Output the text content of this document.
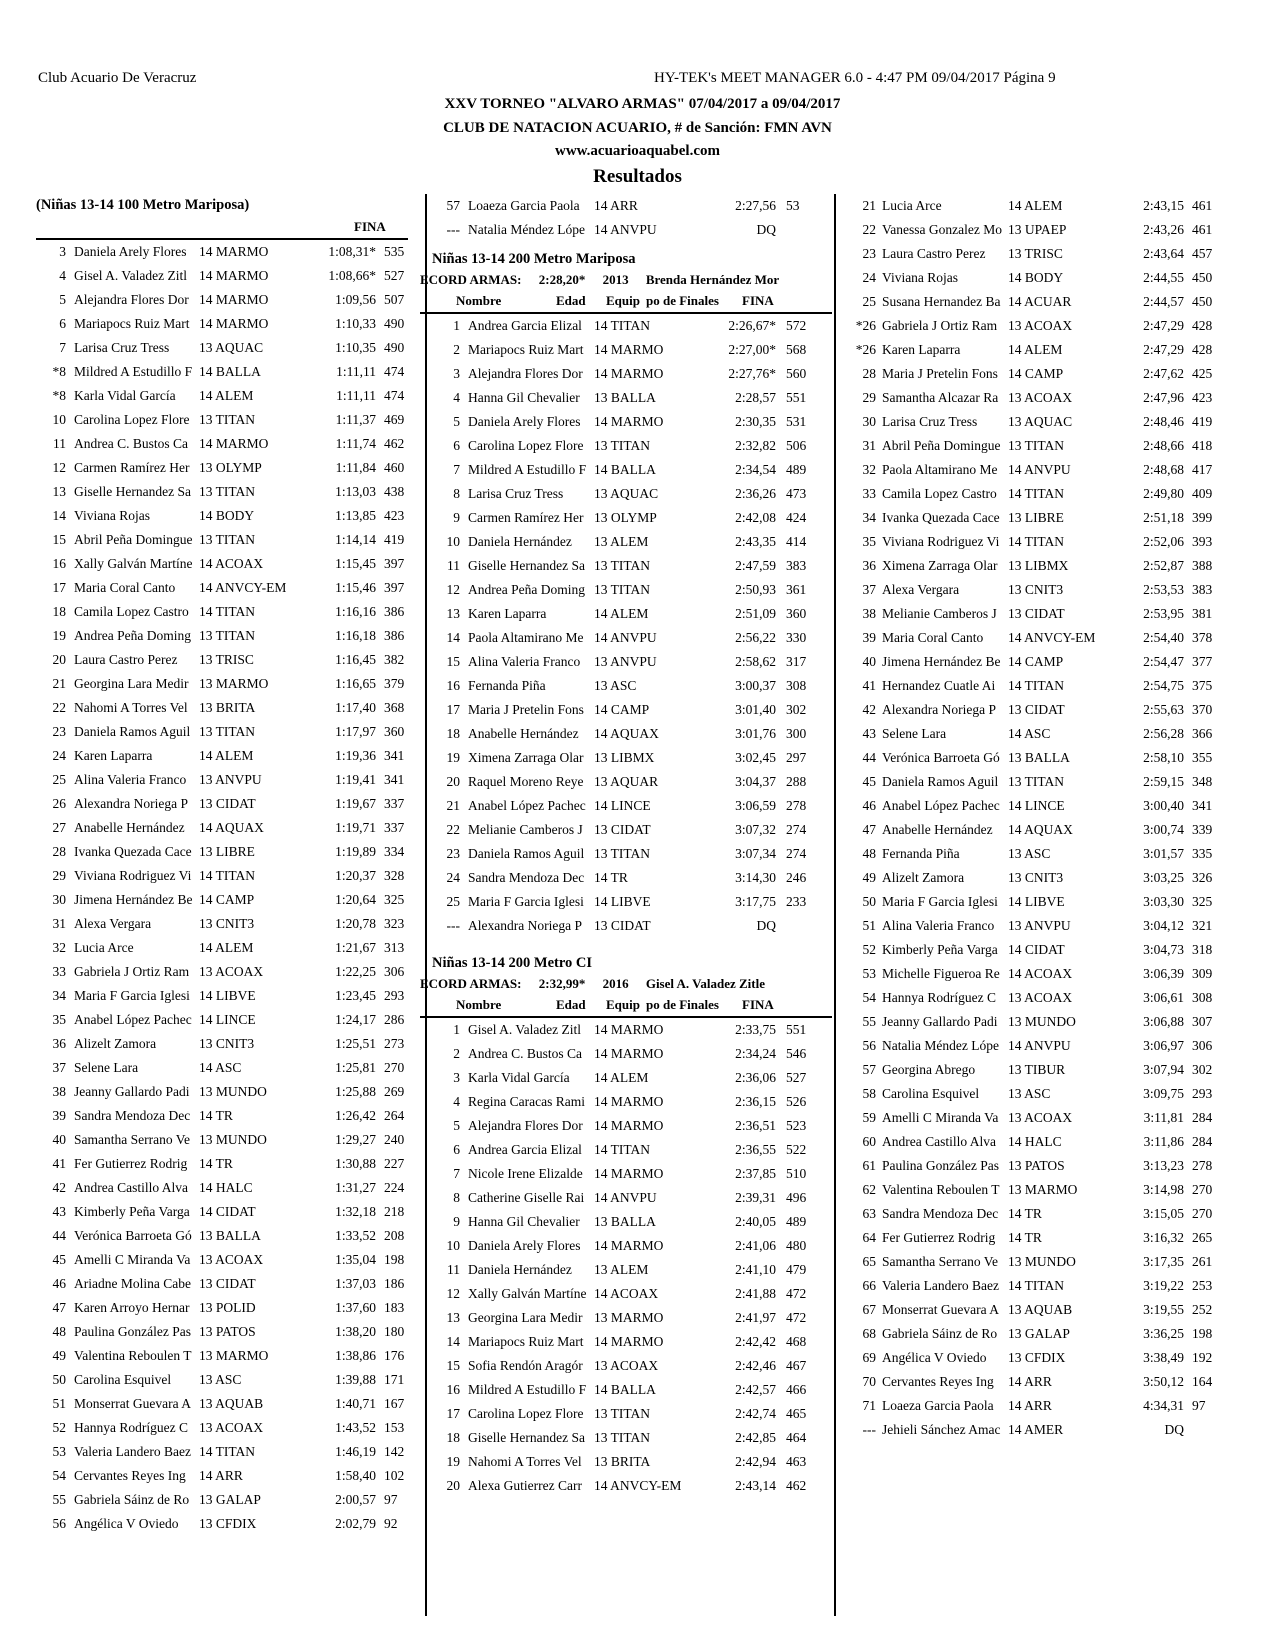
Club Acuario De Veracruz	HY-TEK's MEET MANAGER 6.0 - 4:47 PM 09/04/2017 Página 9
XXV TORNEO "ALVARO ARMAS" 07/04/2017 a 09/04/2017
CLUB DE NATACION ACUARIO, # de Sanción: FMN AVN
www.acuarioaquabel.com
Resultados
(Niñas 13-14 100 Metro Mariposa)
FINA
3 Daniela Arely Flores 14 MARMO	1:08,31* 535
4 Gisel A. Valadez Zitl 14 MARMO	1:08,66* 527
5 Alejandra Flores Dor 14 MARMO	1:09,56 507
6 Mariapocs Ruiz Mart 14 MARMO	1:10,33 490
7 Larisa Cruz Tress	13 AQUAC	1:10,35 490
*8 Mildred A Estudillo F 14 BALLA	1:11,11 474
*8 Karla Vidal García	14 ALEM	1:11,11 474
10 Carolina Lopez Flore 13 TITAN	1:11,37 469
11 Andrea C. Bustos Ca 14 MARMO	1:11,74 462
12 Carmen Ramírez Her 13 OLYMP	1:11,84 460
13 Giselle Hernandez Sa 13 TITAN	1:13,03 438
14 Viviana Rojas	14 BODY	1:13,85 423
15 Abril Peña Domingue 13 TITAN	1:14,14 419
16 Xally Galván Martíne 14 ACOAX	1:15,45 397
17 Maria Coral Canto	14 ANVCY-EM	1:15,46 397
18 Camila Lopez Castro 14 TITAN	1:16,16 386
19 Andrea Peña Doming 13 TITAN	1:16,18 386
20 Laura Castro Perez	13 TRISC	1:16,45 382
21 Georgina Lara Medir 13 MARMO	1:16,65 379
22 Nahomi A Torres Vel 13 BRITA	1:17,40 368
23 Daniela Ramos Aguil 13 TITAN	1:17,97 360
24 Karen Laparra	14 ALEM	1:19,36 341
25 Alina Valeria Franco 13 ANVPU	1:19,41 341
26 Alexandra Noriega P 13 CIDAT	1:19,67 337
27 Anabelle Hernández	14 AQUAX	1:19,71 337
28 Ivanka Quezada Cace 13 LIBRE	1:19,89 334
29 Viviana Rodriguez Vi 14 TITAN	1:20,37 328
30 Jimena Hernández Be 14 CAMP	1:20,64 325
31 Alexa Vergara	13 CNIT3	1:20,78 323
32 Lucia Arce	14 ALEM	1:21,67 313
33 Gabriela J Ortiz Ram 13 ACOAX	1:22,25 306
34 Maria F Garcia Iglesi 14 LIBVE	1:23,45 293
35 Anabel López Pachec 14 LINCE	1:24,17 286
36 Alizelt Zamora	13 CNIT3	1:25,51 273
37 Selene Lara	14 ASC	1:25,81 270
38 Jeanny Gallardo Padi 13 MUNDO	1:25,88 269
39 Sandra Mendoza Dec 14 TR	1:26,42 264
40 Samantha Serrano Ve 13 MUNDO	1:29,27 240
41 Fer Gutierrez Rodrig 14 TR	1:30,88 227
42 Andrea Castillo Alva 14 HALC	1:31,27 224
43 Kimberly Peña Varga 14 CIDAT	1:32,18 218
44 Verónica Barroeta Gó 13 BALLA	1:33,52 208
45 Amelli C Miranda Va 13 ACOAX	1:35,04 198
46 Ariadne Molina Cabe 13 CIDAT	1:37,03 186
47 Karen Arroyo Hernar 13 POLID	1:37,60 183
48 Paulina González Pas 13 PATOS	1:38,20 180
49 Valentina Reboulen T 13 MARMO	1:38,86 176
50 Carolina Esquivel	13 ASC	1:39,88 171
51 Monserrat Guevara A 13 AQUAB	1:40,71 167
52 Hannya Rodríguez C 13 ACOAX	1:43,52 153
53 Valeria Landero Baez 14 TITAN	1:46,19 142
54 Cervantes Reyes Ing 14 ARR	1:58,40 102
55 Gabriela Sáinz de Ro 13 GALAP	2:00,57 97
56 Angélica V Oviedo	13 CFDIX	2:02,79 92
57 Loaeza Garcia Paola	14 ARR	2:27,56 53
--- Natalia Méndez Lópe 14 ANVPU	DQ
Niñas 13-14 200 Metro Mariposa
ECORD ARMAS: 2:28,20* 2013 Brenda Hernández Mor
Nombre	Edad Equip po de Finales FINA
1 Andrea Garcia Elizal 14 TITAN	2:26,67* 572
2 Mariapocs Ruiz Mart 14 MARMO	2:27,00* 568
3 Alejandra Flores Dor 14 MARMO	2:27,76* 560
4 Hanna Gil Chevalier	13 BALLA	2:28,57 551
5 Daniela Arely Flores	14 MARMO	2:30,35 531
6 Carolina Lopez Flore 13 TITAN	2:32,82 506
7 Mildred A Estudillo F 14 BALLA	2:34,54 489
8 Larisa Cruz Tress	13 AQUAC	2:36,26 473
9 Carmen Ramírez Her 13 OLYMP	2:42,08 424
10 Daniela Hernández	13 ALEM	2:43,35 414
11 Giselle Hernandez Sa 13 TITAN	2:47,59 383
12 Andrea Peña Doming 13 TITAN	2:50,93 361
13 Karen Laparra	14 ALEM	2:51,09 360
14 Paola Altamirano Me 14 ANVPU	2:56,22 330
15 Alina Valeria Franco	13 ANVPU	2:58,62 317
16 Fernanda Piña	13 ASC	3:00,37 308
17 Maria J Pretelin Fons 14 CAMP	3:01,40 302
18 Anabelle Hernández	14 AQUAX	3:01,76 300
19 Ximena Zarraga Olar 13 LIBMX	3:02,45 297
20 Raquel Moreno Reye 13 AQUAR	3:04,37 288
21 Anabel López Pachec 14 LINCE	3:06,59 278
22 Melianie Camberos J 13 CIDAT	3:07,32 274
23 Daniela Ramos Aguil 13 TITAN	3:07,34 274
24 Sandra Mendoza Dec 14 TR	3:14,30 246
25 Maria F Garcia Iglesi 14 LIBVE	3:17,75 233
--- Alexandra Noriega P 13 CIDAT	DQ
Niñas 13-14 200 Metro CI
ECORD ARMAS: 2:32,99* 2016 Gisel A. Valadez Zitle
Nombre	Edad Equip po de Finales FINA
1 Gisel A. Valadez Zitl 14 MARMO	2:33,75 551
2 Andrea C. Bustos Ca 14 MARMO	2:34,24 546
3 Karla Vidal García	14 ALEM	2:36,06 527
4 Regina Caracas Rami 14 MARMO	2:36,15 526
5 Alejandra Flores Dor 14 MARMO	2:36,51 523
6 Andrea Garcia Elizal 14 TITAN	2:36,55 522
7 Nicole Irene Elizalde 14 MARMO	2:37,85 510
8 Catherine Giselle Rai 14 ANVPU	2:39,31 496
9 Hanna Gil Chevalier	13 BALLA	2:40,05 489
10 Daniela Arely Flores	14 MARMO	2:41,06 480
11 Daniela Hernández	13 ALEM	2:41,10 479
12 Xally Galván Martíne 14 ACOAX	2:41,88 472
13 Georgina Lara Medir 13 MARMO	2:41,97 472
14 Mariapocs Ruiz Mart 14 MARMO	2:42,42 468
15 Sofia Rendón Aragór 13 ACOAX	2:42,46 467
16 Mildred A Estudillo F 14 BALLA	2:42,57 466
17 Carolina Lopez Flore 13 TITAN	2:42,74 465
18 Giselle Hernandez Sa 13 TITAN	2:42,85 464
19 Nahomi A Torres Vel 13 BRITA	2:42,94 463
20 Alexa Gutierrez Carr 14 ANVCY-EM	2:43,14 462
21 Lucia Arce	14 ALEM	2:43,15 461
22 Vanessa Gonzalez Mo 13 UPAEP	2:43,26 461
23 Laura Castro Perez	13 TRISC	2:43,64 457
24 Viviana Rojas	14 BODY	2:44,55 450
25 Susana Hernandez Ba 14 ACUAR	2:44,57 450
*26 Gabriela J Ortiz Ram 13 ACOAX	2:47,29 428
*26 Karen Laparra	14 ALEM	2:47,29 428
28 Maria J Pretelin Fons 14 CAMP	2:47,62 425
29 Samantha Alcazar Ra 13 ACOAX	2:47,96 423
30 Larisa Cruz Tress	13 AQUAC	2:48,46 419
31 Abril Peña Domingue 13 TITAN	2:48,66 418
32 Paola Altamirano Me 14 ANVPU	2:48,68 417
33 Camila Lopez Castro 14 TITAN	2:49,80 409
34 Ivanka Quezada Cace 13 LIBRE	2:51,18 399
35 Viviana Rodriguez Vi 14 TITAN	2:52,06 393
36 Ximena Zarraga Olar 13 LIBMX	2:52,87 388
37 Alexa Vergara	13 CNIT3	2:53,53 383
38 Melianie Camberos J 13 CIDAT	2:53,95 381
39 Maria Coral Canto	14 ANVCY-EM	2:54,40 378
40 Jimena Hernández Be 14 CAMP	2:54,47 377
41 Hernandez Cuatle Ai 14 TITAN	2:54,75 375
42 Alexandra Noriega P 13 CIDAT	2:55,63 370
43 Selene Lara	14 ASC	2:56,28 366
44 Verónica Barroeta Gó 13 BALLA	2:58,10 355
45 Daniela Ramos Aguil 13 TITAN	2:59,15 348
46 Anabel López Pachec 14 LINCE	3:00,40 341
47 Anabelle Hernández	14 AQUAX	3:00,74 339
48 Fernanda Piña	13 ASC	3:01,57 335
49 Alizelt Zamora	13 CNIT3	3:03,25 326
50 Maria F Garcia Iglesi 14 LIBVE	3:03,30 325
51 Alina Valeria Franco	13 ANVPU	3:04,12 321
52 Kimberly Peña Varga 14 CIDAT	3:04,73 318
53 Michelle Figueroa Re 14 ACOAX	3:06,39 309
54 Hannya Rodríguez C 13 ACOAX	3:06,61 308
55 Jeanny Gallardo Padi 13 MUNDO	3:06,88 307
56 Natalia Méndez Lópe 14 ANVPU	3:06,97 306
57 Georgina Abrego	13 TIBUR	3:07,94 302
58 Carolina Esquivel	13 ASC	3:09,75 293
59 Amelli C Miranda Va 13 ACOAX	3:11,81 284
60 Andrea Castillo Alva 14 HALC	3:11,86 284
61 Paulina González Pas 13 PATOS	3:13,23 278
62 Valentina Reboulen T 13 MARMO	3:14,98 270
63 Sandra Mendoza Dec 14 TR	3:15,05 270
64 Fer Gutierrez Rodrig 14 TR	3:16,32 265
65 Samantha Serrano Ve 13 MUNDO	3:17,35 261
66 Valeria Landero Baez 14 TITAN	3:19,22 253
67 Monserrat Guevara A 13 AQUAB	3:19,55 252
68 Gabriela Sáinz de Ro 13 GALAP	3:36,25 198
69 Angélica V Oviedo	13 CFDIX	3:38,49 192
70 Cervantes Reyes Ing	14 ARR	3:50,12 164
71 Loaeza Garcia Paola	14 ARR	4:34,31 97
--- Jehieli Sánchez Amac 14 AMER	DQ
